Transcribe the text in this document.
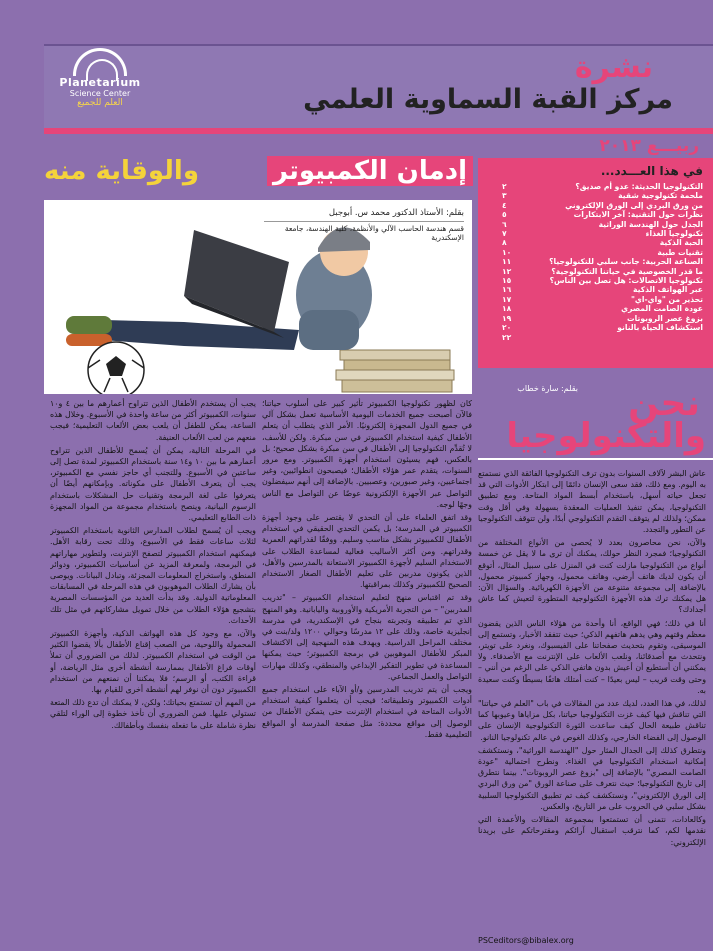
Planetarium
Science Center
العلم للجميع
نشرة
مركز القبة السماوية العلمي
ربيـــع ٢٠١٣
في هذا العـــدد...
التكنولوجيا الحديثة: عدو أم صديق؟
٢
ملحمة تكنولوجية شقية
٣
من ورق البردي إلى الورق الإلكتروني
٤
نظرات حول التقنية: آخر الابتكارات
٥
الجدل حول الهندسة الوراثية
٦
تكنولوجيا الغذاء
٧
الحبة الذكية
٨
تقنيات طبية
١٠
الصناعة الحربية: جانب سلبي للتكنولوجيا؟
١١
ما قدر الخصوصية في حياتنا التكنولوجية؟
١٢
تكنولوجيا الاتصالات: هل تصل بين الناس؟
١٥
عبر الهواتف الذكية
١٦
تحذير من "واي-اي"
١٧
عودة الصامت المصري
١٨
بزوغ عصر الروبوتات
١٩
استكشاف الحياة بالنانو
٢٠
٢٢
إدمان الكمبيوتر
والوقاية منه
بقلم: الأستاذ الدكتور محمد س. أبوجبل
قسم هندسة الحاسب الآلي والأنظمة، كلية الهندسة، جامعة الإسكندرية
بقلم: سارة خطاب	نحن
والتكنولوجيا

عاش البشر لآلاف السنوات بدون ترف التكنولوجيا الفائقة الذي نستمتع به اليوم. ومع ذلك، فقد سعى الإنسان دائمًا إلى ابتكار الأدوات التي قد تجعل حياته أسهل، باستخدام أبسط المواد المتاحة. ومع تطبيق التكنولوجيا، يمكن تنفيذ العمليات المعقدة بسهولة وفي أقل وقت ممكن؛ ولذلك لم يتوقف التقدم التكنولوجي أبدًا، ولن تتوقف التكنولوجيا عن التطور والتجدد.

والآن، نحن محاصرون بعدد لا يُحصى من الأنواع المختلفة من التكنولوجيا؛ فمجرد النظر حولك، يمكنك أن ترى ما لا يقل عن خمسة أنواع من التكنولوجيا مازلت كنت في المنزل على سبيل المثال، أتوقع أن يكون لديك هاتف أرضي، وهاتف محمول، وجهاز كمبيوتر محمول، بالإضافة إلى مجموعة متنوعة من الأجهزة الكهربائية. والسؤال الآن: هل يمكنك ترك هذه الأجهزة التكنولوجية المتطورة لتعيش كما عاش أجدادك؟

أنا في ذلك؛ فهي الواقع، أنا وأحدة من هؤلاء الناس الذين يقضون معظم وقتهم وهي يدهم هاتفهم الذكي؛ حيث تتفقد الأخبار، وتستمع إلى الموسيقى، وتقوم بتحديث صفحاتنا على الفيسبوك، ونغرد على تويتر، ونتحدث مع أصدقائنا، ونلعب الألعاب على الإنترنت مع الأصدقاء. ولا يمكنني أن أستطيع أن أعيش بدون هاتفي الذكي على الرغم من أنني – وحتى وقت قريب – ليس بعيدًا – كنت أمتلك هاتفًا بسيطًا وكنت سعيدة به.

لذلك، في هذا العدد، لديك عدد من المقالات في باب "العلم في حياتنا" التي تناقش فيها كيف غزت التكنولوجيا حياتنا، بكل مزاياها وعيوبها كما تناقش طبيعة الحال كيف ساعدت الثورة التكنولوجية الإنسان على الوصول إلى الفضاء الخارجي، وكذلك الغوص في عالم تكنولوجيا النانو.

ونتطرق كذلك إلى الجدال المثار حول "الهندسة الوراثية"، ونستكشف إمكانية استخدام التكنولوجيا في الغذاء. ونطرح احتمالية "عودة الصامت المصري" بالإضافة إلى "بزوغ عصر الروبوتات". بينما نتطرق إلى تاريخ التكنولوجيا؛ حيث نتعرف على صناعة الورق "من ورق البردي إلى الورق الإلكتروني"، ونستكشف كيف تم تطبيق التكنولوجيا السلبية بشكل سلبي في الحروب على مر التاريخ، والعكس.

وكالعادات، نتمنى أن تستمتعوا بمجموعة المقالات والأعمدة التي نقدمها لكم، كما نترقب استقبال آرائكم ومقترحاتكم على بريدنا الإلكتروني:

PSCeditors@bibalex.org

كان لظهور تكنولوجيا الكمبيوتر تأثير كبير على أسلوب حياتنا؛ فالآن أصبحت جميع الخدمات اليومية الأساسية تعمل بشكل آلي في جميع الدول المجهزة إلكترونيًا. الأمر الذي يتطلب أن يتعلم الأطفال كيفية استخدام الكمبيوتر في سن مبكرة. ولكن للأسف، لا تُقدِّم التكنولوجيا إلى الأطفال في سن مبكرة بشكل صحيح؛ بل بالعكس، فهم يسيئون استخدام أجهزة الكمبيوتر. ومع مرور السنوات، يتقدم عمر هؤلاء الأطفال؛ فيصبحون انطوائيين، وغير اجتماعيين، وغير صبورين، وعصبيين. بالإضافة إلى أنهم سيفضلون التواصل عبر الأجهزة الإلكترونية عوضًا عن التواصل مع الناس وجهًا لوجه.

وقد اتفق العلماء على أن التحدي لا يقتصر على وجود أجهزة الكمبيوتر في المدرسة؛ بل يكمن التحدي الحقيقي في استخدام الأطفال للكمبيوتر بشكل مناسب وسليم. ووفقًا لقدراتهم العمرية وقدراتهم. ومن أكثر الأساليب فعالية لمساعدة الطلاب على الاستخدام السليم لأجهزة الكمبيوتر الاستعانة بالمدرسين والأهل، الذين يكونون مدربين على تعليم الأطفال الصغار الاستخدام الصحيح للكمبيوتر وكذلك بمراقبتها.

وقد تم اقتباس منهج لتعليم استخدام الكمبيوتر – "تدريب المدربين" – من التجربة الأمريكية والأوروبية واليابانية. وهو المنهج الذي تم تطبيقه وتجربته بنجاح في الإسكندرية، في مدرسة إنجليزية خاصة، وذلك على ١٢ مدرسًا وحوالي ١٢٠٠ ولد/بنت في مختلف المراحل الدراسية. ويهدف هذه المنهجية إلى الاكتشاف المبكر للأطفال الموهوبين في برمجة الكمبيوتر؛ حيث يمكنها المساعدة في تطوير التفكير الإبداعي والمنطقي، وكذلك مهارات التواصل والعمل الجماعي.

ويجب أن يتم تدريب المدرسين و/أو الآباء على استخدام جميع أدوات الكمبيوتر وتطبيقاته؛ فيجب أن يتعلموا كيفية استخدام الأدوات المتاحة في استخدام الإنترنت حتى يتمكن الأطفال من الوصول إلى مواقع محددة: مثل صفحة المدرسة أو المواقع التعليمية فقط.

يجب أن يستخدم الأطفال الذين تتراوح أعمارهم ما بين ٤ و١٠ سنوات، الكمبيوتر أكثر من ساعة واحدة في الأسبوع. وخلال هذه الساعة، يمكن للطفل أن يلعب بعض الألعاب التعليمية؛ فيجب منعهم من لعب الألعاب العنيفة.

في المرحلة التالية، يمكن أن يُسمح للأطفال الذين تتراوح أعمارهم ما بين ١٠ و١٤ سنة باستخدام الكمبيوتر لمدة تصل إلى ساعتين في الأسبوع. وللتجنب أي حاجز نفسي مع الكمبيوتر، يجب أن يتعرف الأطفال على مكوناته. وبإمكانهم أيضًا أن يتعرفوا على لغة البرمجة وتقنيات حل المشكلات باستخدام الرسوم البيانية، وينصح باستخدام مجموعة من المواد المجهزة ذات الطابع التعليمي.

ويجب أن يُسمح لطلاب المدارس الثانوية باستخدام الكمبيوتر لثلاث ساعات فقط في الأسبوع، وذلك تحت رقابة الأهل. فيمكنهم استخدام الكمبيوتر لتصفح الإنترنت، ولتطوير مهاراتهم في البرمجة، ولمعرفة المزيد عن أساسيات الكمبيوتر، ودوائر المنطق، واستخراج المعلومات المجزئة، وتبادل البيانات. ويوصى بأن يشارك الطلاب الموهوبون في هذه المرحلة في المسابقات المعلوماتية الدولية. وقد بدأت العديد من المؤسسات المصرية بتشجيع هؤلاء الطلاب من خلال تمويل مشاركاتهم في مثل تلك الأحداث.

والآن، مع وجود كل هذه الهواتف الذكية، وأجهزة الكمبيوتر المحمولة واللوحية، من الصعب إقناع الأطفال بألا يقضوا الكثير من الوقت في استخدام الكمبيوتر. لذلك من الضروري أن تملأ أوقات فراغ الأطفال بممارسة أنشطة أخرى مثل الرياضة، أو قراءة الكتب، أو الرسم؛ فلا يمكننا أن نمنعهم من استخدام الكمبيوتر دون أن نوفر لهم أنشطة أخرى للقيام بها.

من المهم أن تستمتع بحياتك؛ ولكن، لا يمكنك أن تدع ذلك المتعة تستولي عليها. فمن الضروري أن تأخذ خطوة إلى الوراء لتلقي نظرة شاملة على ما تفعله بنفسك وبأطفالك.
